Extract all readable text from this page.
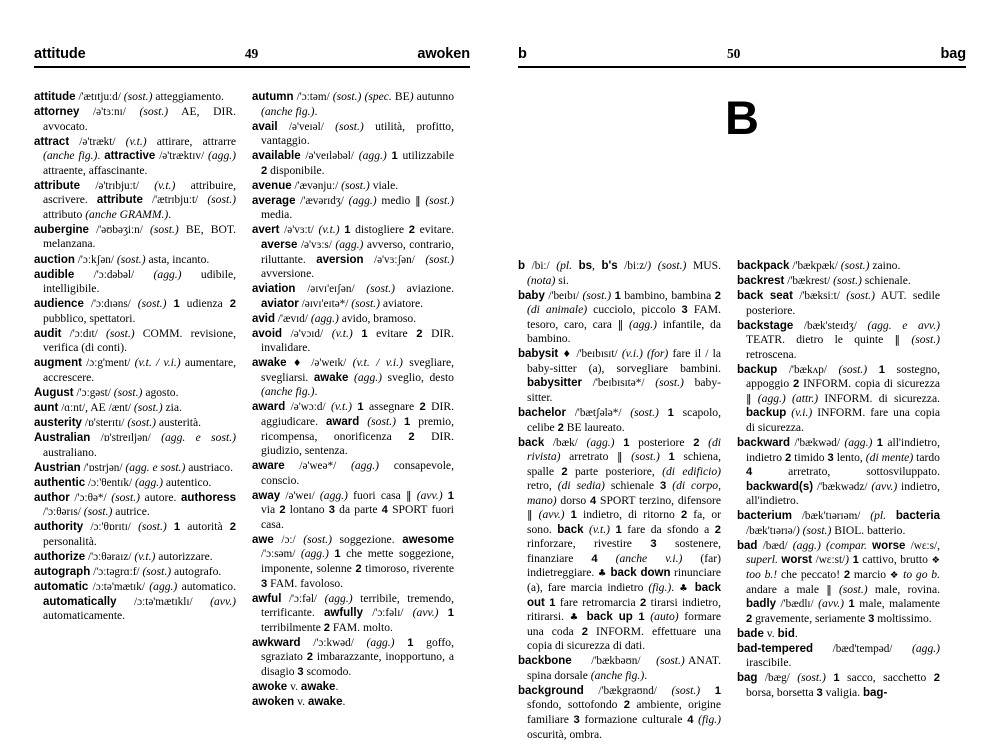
attitude	49	awoken
attitude /'ætɪtjuːd/ (sost.) atteggiamento.
attorney /ə'tɜːnɪ/ (sost.) AE, DIR. avvocato.
attract /ə'trækt/ (v.t.) attirare, attrarre (anche fig.). attractive /ə'træktɪv/ (agg.) attraente, affascinante.
attribute /ə'trɪbjuːt/ (v.t.) attribuire, ascrivere. attribute /'ætrɪbjuːt/ (sost.) attributo (anche GRAMM.).
aubergine /'əʊbəʒiːn/ (sost.) BE, BOT. melanzana.
auction /'ɔːkʃən/ (sost.) asta, incanto.
audible /'ɔːdəbəl/ (agg.) udibile, intelligibile.
audience /'ɔːdɪəns/ (sost.) 1 udienza 2 pubblico, spettatori.
audit /'ɔːdɪt/ (sost.) COMM. revisione, verifica (di conti).
augment /ɔːg'ment/ (v.t. / v.i.) aumentare, accrescere.
August /'ɔːgəst/ (sost.) agosto.
aunt /ɑːnt/, AE /ænt/ (sost.) zia.
austerity /ɒ'sterɪtɪ/ (sost.) austerità.
Australian /ɒ'streɪljən/ (agg. e sost.) australiano.
Austrian /'ɒstrjən/ (agg. e sost.) austriaco.
authentic /ɔː'θentɪk/ (agg.) autentico.
author /'ɔːθə*/ (sost.) autore. authoress /'ɔːθərɪs/ (sost.) autrice.
authority /ɔː'θɒrɪtɪ/ (sost.) 1 autorità 2 personalità.
authorize /'ɔːθəraɪz/ (v.t.) autorizzare.
autograph /'ɔːtəgrɑːf/ (sost.) autografo.
automatic /ɔːtə'mætɪk/ (agg.) automatico. automatically /ɔːtə'mætɪklɪ/ (avv.) automaticamente.
autumn /'ɔːtəm/ (sost.) (spec. BE) autunno (anche fig.).
avail /ə'veɪəl/ (sost.) utilità, profitto, vantaggio.
available /ə'veɪləbəl/ (agg.) 1 utilizzabile 2 disponibile.
avenue /'ævənjuː/ (sost.) viale.
average /'ævərɪdʒ/ (agg.) medio ‖ (sost.) media.
avert /ə'vɜːt/ (v.t.) 1 distogliere 2 evitare. averse /ə'vɜːs/ (agg.) avverso, contrario, riluttante. aversion /ə'vɜːʃən/ (sost.) avversione.
aviation /əɪvɪ'eɪʃən/ (sost.) aviazione. aviator /əɪvɪ'eɪtə*/ (sost.) aviatore.
avid /'ævɪd/ (agg.) avido, bramoso.
avoid /ə'vɔɪd/ (v.t.) 1 evitare 2 DIR. invalidare.
awake ♦ /ə'weɪk/ (v.t. / v.i.) svegliare, svegliarsi. awake (agg.) sveglio, desto (anche fig.).
award /ə'wɔːd/ (v.t.) 1 assegnare 2 DIR. aggiudicare. award (sost.) 1 premio, ricompensa, onorificenza 2 DIR. giudizio, sentenza.
aware /ə'weə*/ (agg.) consapevole, conscio.
away /ə'weɪ/ (agg.) fuori casa ‖ (avv.) 1 via 2 lontano 3 da parte 4 SPORT fuori casa.
awe /ɔː/ (sost.) soggezione. awesome /'ɔːsəm/ (agg.) 1 che mette soggezione, imponente, solenne 2 timoroso, riverente 3 FAM. favoloso.
awful /'ɔːfəl/ (agg.) terribile, tremendo, terrificante. awfully /'ɔːfəlɪ/ (avv.) 1 terribilmente 2 FAM. molto.
awkward /'ɔːkwəd/ (agg.) 1 goffo, sgraziato 2 imbarazzante, inopportuno, a disagio 3 scomodo.
awoke v. awake.
awoken v. awake.
b	50	bag
B
b /biː/ (pl. bs, b's /biːz/) (sost.) MUS. (nota) si.
baby /'beɪbɪ/ (sost.) 1 bambino, bambina 2 (di animale) cucciolo, piccolo 3 FAM. tesoro, caro, cara ‖ (agg.) infantile, da bambino.
babysit ♦ /'beɪbɪsɪt/ (v.i.) (for) fare il / la baby-sitter (a), sorvegliare bambini. babysitter /'beɪbɪsɪtə*/ (sost.) baby-sitter.
bachelor /'bætʃələ*/ (sost.) 1 scapolo, celibe 2 BE laureato.
back /bæk/ (agg.) 1 posteriore 2 (di rivista) arretrato ‖ (sost.) 1 schiena, spalle 2 parte posteriore, (di edificio) retro, (di sedia) schienale 3 (di corpo, mano) dorso 4 SPORT terzino, difensore ‖ (avv.) 1 indietro, di ritorno 2 fa, or sono. back (v.t.) 1 fare da sfondo a 2 rinforzare, rivestire 3 sostenere, finanziare 4 (anche v.i.) (far) indietreggiare. ♣ back down rinunciare (a), fare marcia indietro (fig.). ♣ back out 1 fare retromarcia 2 tirarsi indietro, ritirarsi. ♣ back up 1 (auto) formare una coda 2 INFORM. effettuare una copia di sicurezza di dati.
backbone /'bækbəʊn/ (sost.) ANAT. spina dorsale (anche fig.).
background /'bækgraʊnd/ (sost.) 1 sfondo, sottofondo 2 ambiente, origine familiare 3 formazione culturale 4 (fig.) oscurità, ombra.
backpack /'bækpæk/ (sost.) zaino.
backrest /'bækrest/ (sost.) schienale.
back seat /'bæksiːt/ (sost.) AUT. sedile posteriore.
backstage /bæk'steɪdʒ/ (agg. e avv.) TEATR. dietro le quinte ‖ (sost.) retroscena.
backup /'bækʌp/ (sost.) 1 sostegno, appoggio 2 INFORM. copia di sicurezza ‖ (agg.) (attr.) INFORM. di sicurezza. backup (v.i.) INFORM. fare una copia di sicurezza.
backward /'bækwəd/ (agg.) 1 all'indietro, indietro 2 timido 3 lento, (di mente) tardo 4 arretrato, sottosviluppato. backward(s) /'bækwədz/ (avv.) indietro, all'indietro.
bacterium /bæk'tɪərɪəm/ (pl. bacteria /bæk'tɪərɪə/) (sost.) BIOL. batterio.
bad /bæd/ (agg.) (compar. worse /wɛːs/, superl. worst /wɛːst/) 1 cattivo, brutto ❖ too b.! che peccato! 2 marcio ❖ to go b. andare a male ‖ (sost.) male, rovina. badly /'bædlɪ/ (avv.) 1 male, malamente 2 gravemente, seriamente 3 moltissimo.
bade v. bid.
bad-tempered /bæd'tempəd/ (agg.) irascibile.
bag /bæg/ (sost.) 1 sacco, sacchetto 2 borsa, borsetta 3 valigia. bag-
